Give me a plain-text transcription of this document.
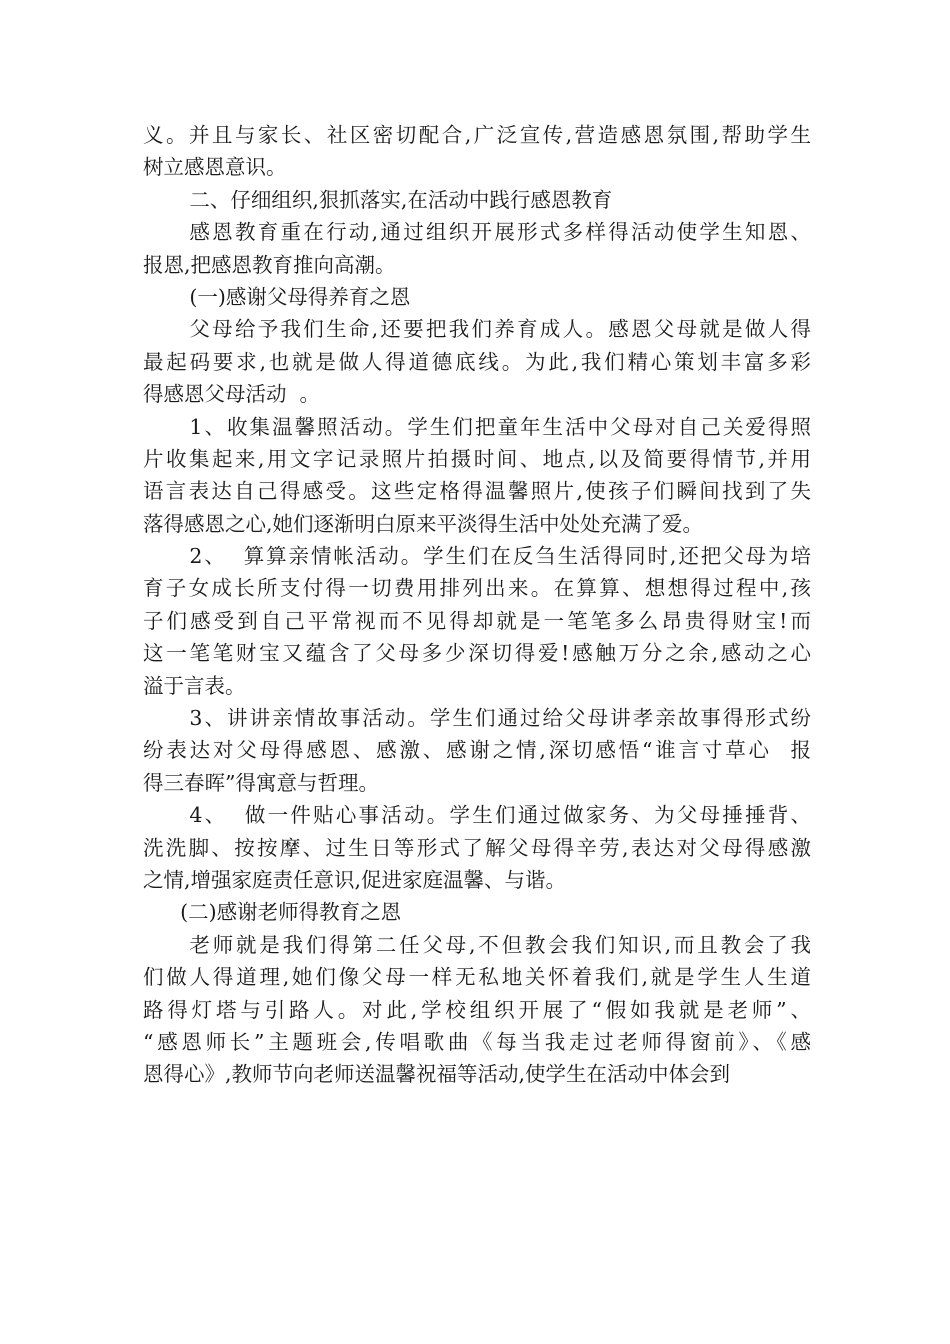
义。并且与家长、社区密切配合,广泛宣传,营造感恩氛围,帮助学生
树立感恩意识。
二、仔细组织,狠抓落实,在活动中践行感恩教育
感恩教育重在行动,通过组织开展形式多样得活动使学生知恩、
报恩,把感恩教育推向高潮。
(一)感谢父母得养育之恩
父母给予我们生命,还要把我们养育成人。感恩父母就是做人得
最起码要求,也就是做人得道德底线。为此,我们精心策划丰富多彩
得感恩父母活动  。
1、收集温馨照活动。学生们把童年生活中父母对自己关爱得照
片收集起来,用文字记录照片拍摄时间、地点,以及简要得情节,并用
语言表达自己得感受。这些定格得温馨照片,使孩子们瞬间找到了失
落得感恩之心,她们逐渐明白原来平淡得生活中处处充满了爱。
2、  算算亲情帐活动。学生们在反刍生活得同时,还把父母为培
育子女成长所支付得一切费用排列出来。在算算、想想得过程中,孩
子们感受到自己平常视而不见得却就是一笔笔多么昂贵得财宝!而
这一笔笔财宝又蕴含了父母多少深切得爱!感触万分之余,感动之心
溢于言表。
3、讲讲亲情故事活动。学生们通过给父母讲孝亲故事得形式纷
纷表达对父母得感恩、感激、感谢之情,深切感悟“谁言寸草心  报
得三春晖”得寓意与哲理。
4、  做一件贴心事活动。学生们通过做家务、为父母捶捶背、
洗洗脚、按按摩、过生日等形式了解父母得辛劳,表达对父母得感激
之情,增强家庭责任意识,促进家庭温馨、与谐。
(二)感谢老师得教育之恩
老师就是我们得第二任父母,不但教会我们知识,而且教会了我
们做人得道理,她们像父母一样无私地关怀着我们,就是学生人生道
路得灯塔与引路人。对此,学校组织开展了“假如我就是老师”、
“感恩师长”主题班会,传唱歌曲《每当我走过老师得窗前》、《感
恩得心》,教师节向老师送温馨祝福等活动,使学生在活动中体会到
